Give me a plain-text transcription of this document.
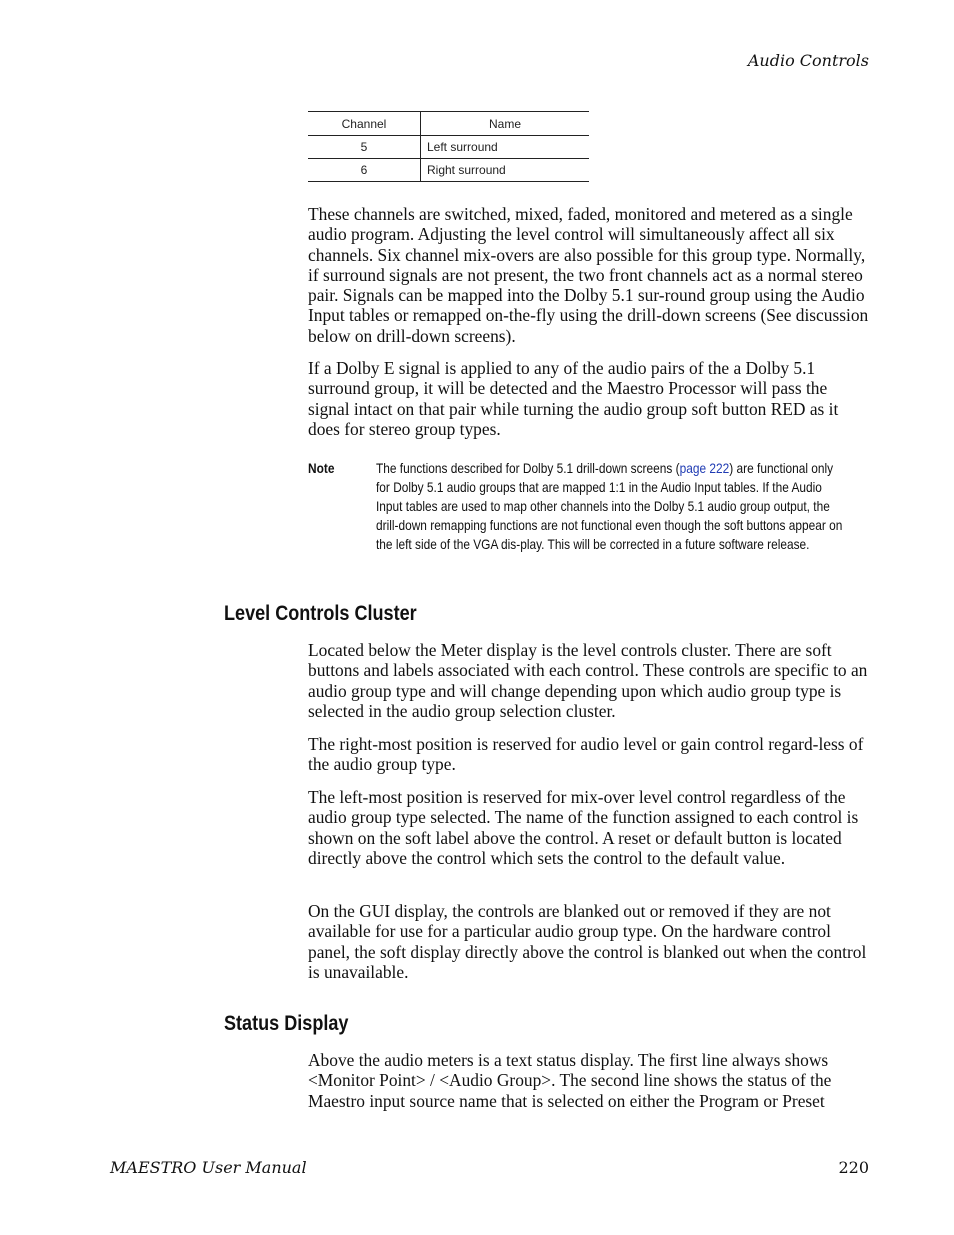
Audio Controls
Channel	Name
5	Left surround
6	Right surround

These channels are switched, mixed, faded, monitored and metered as a single audio program. Adjusting the level control will simultaneously affect all six channels. Six channel mix-overs are also possible for this group type. Normally, if surround signals are not present, the two front channels act as a normal stereo pair. Signals can be mapped into the Dolby 5.1 sur-round group using the Audio Input tables or remapped on-the-fly using the drill-down screens (See discussion below on drill-down screens).

If a Dolby E signal is applied to any of the audio pairs of the a Dolby 5.1 surround group, it will be detected and the Maestro Processor will pass the signal intact on that pair while turning the audio group soft button RED as it does for stereo group types.

Note	The functions described for Dolby 5.1 drill-down screens (page 222) are functional only for Dolby 5.1 audio groups that are mapped 1:1 in the Audio Input tables. If the Audio Input tables are used to map other channels into the Dolby 5.1 audio group output, the drill-down remapping functions are not functional even though the soft buttons appear on the left side of the VGA dis-play. This will be corrected in a future software release.

Level Controls Cluster

Located below the Meter display is the level controls cluster. There are soft buttons and labels associated with each control. These controls are specific to an audio group type and will change depending upon which audio group type is selected in the audio group selection cluster.

The right-most position is reserved for audio level or gain control regard-less of the audio group type.

The left-most position is reserved for mix-over level control regardless of the audio group type selected. The name of the function assigned to each control is shown on the soft label above the control. A reset or default button is located directly above the control which sets the control to the default value.

On the GUI display, the controls are blanked out or removed if they are not available for use for a particular audio group type. On the hardware control panel, the soft display directly above the control is blanked out when the control is unavailable.

Status Display

Above the audio meters is a text status display. The first line always shows <Monitor Point> / <Audio Group>. The second line shows the status of the Maestro input source name that is selected on either the Program or Preset

MAESTRO User Manual	220
